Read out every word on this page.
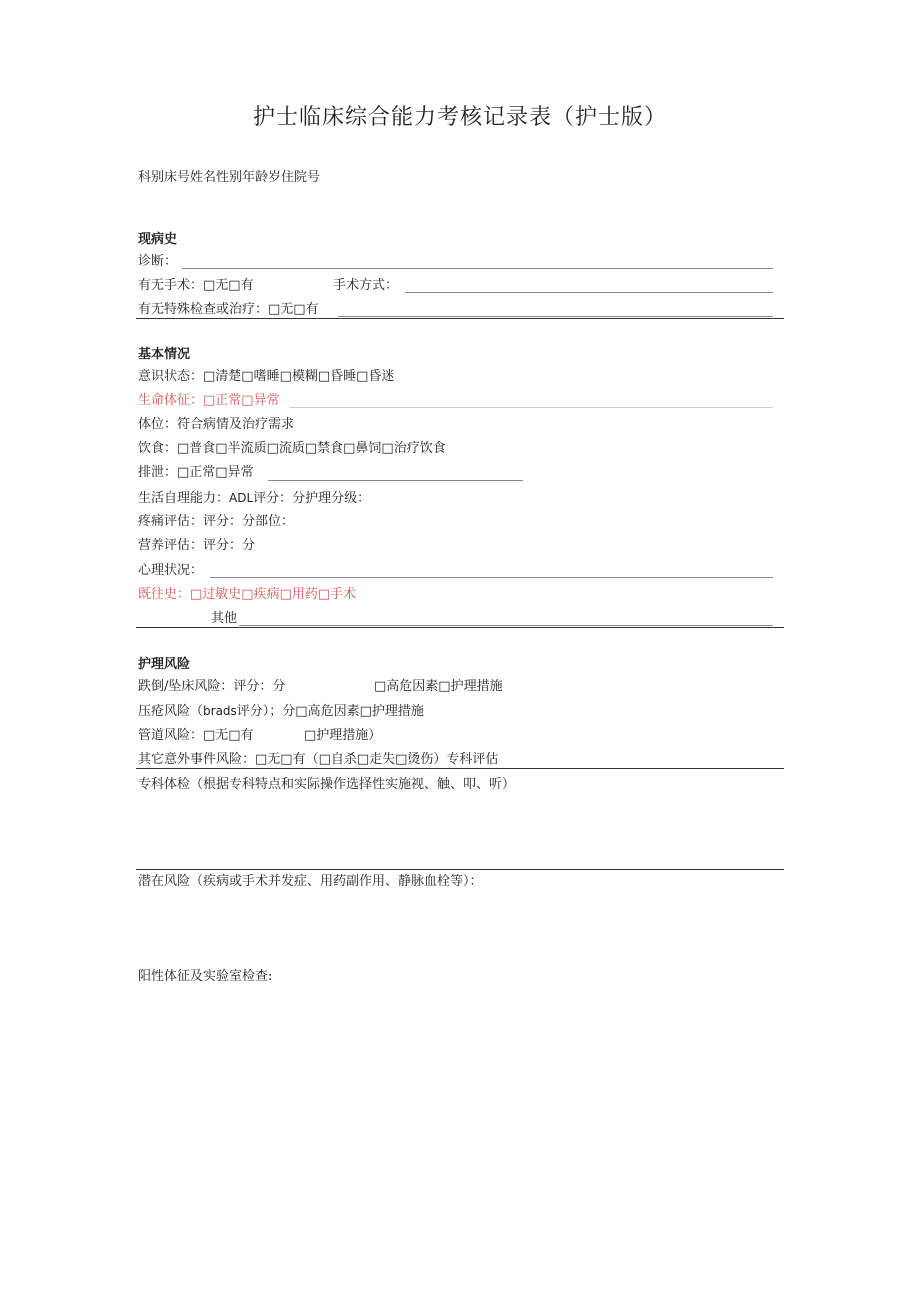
护士临床综合能力考核记录表（护士版）
科别床号姓名性别年龄岁住院号
现病史
诊断：
有无手术：□无□有	手术方式：
有无特殊检查或治疗：□无□有
基本情况
意识状态：□清楚□嗜睡□模糊□昏睡□昏迷
生命体征：□正常□异常
体位：符合病情及治疗需求
饮食：□普食□半流质□流质□禁食□鼻饲□治疗饮食
排泄：□正常□异常
生活自理能力：ADL评分：分护理分级：
疼痛评估：评分：分部位：
营养评估：评分：分
心理状况：
既往史：□过敏史□疾病□用药□手术
其他
护理风险
跌倒/坠床风险：评分：分	□高危因素□护理措施
压疮风险（brads评分）；分□高危因素□护理措施
管道风险：□无□有	□护理措施）
其它意外事件风险：□无□有（□自杀□走失□烫伤）专科评估
专科体检（根据专科特点和实际操作选择性实施视、触、叩、听）
潜在风险（疾病或手术并发症、用药副作用、静脉血栓等）：
阳性体征及实验室检查:
